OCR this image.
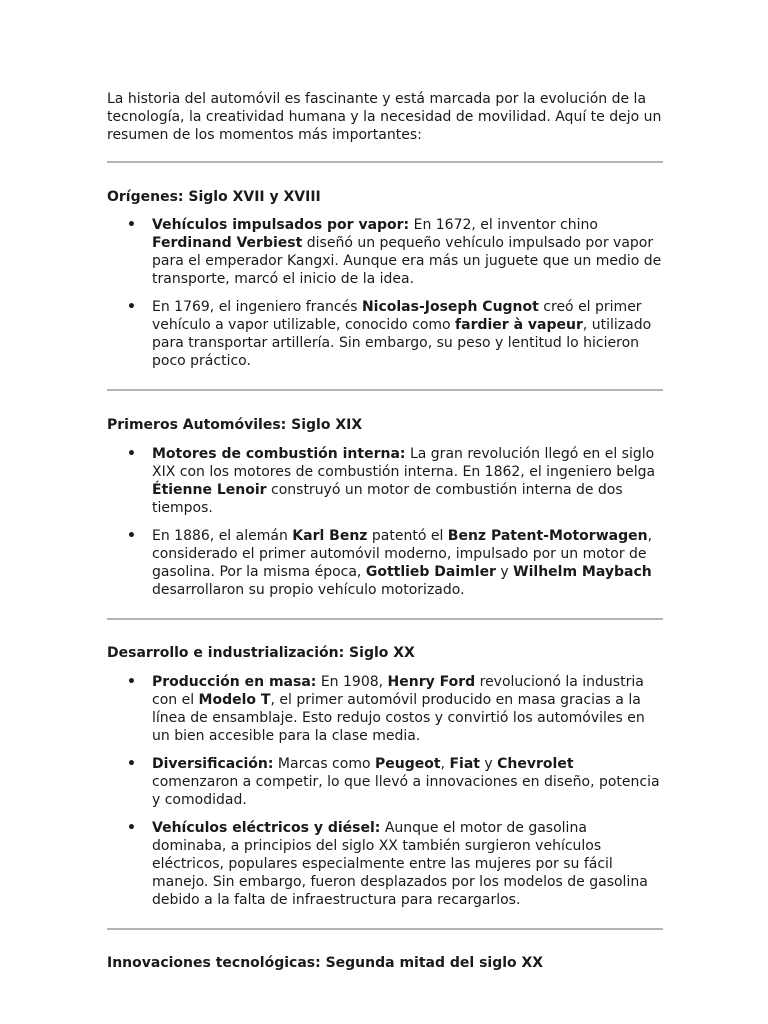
La historia del automóvil es fascinante y está marcada por la evolución de la tecnología, la creatividad humana y la necesidad de movilidad. Aquí te dejo un resumen de los momentos más importantes:

Orígenes: Siglo XVII y XVIII
• Vehículos impulsados por vapor: En 1672, el inventor chino Ferdinand Verbiest diseñó un pequeño vehículo impulsado por vapor para el emperador Kangxi. Aunque era más un juguete que un medio de transporte, marcó el inicio de la idea.
• En 1769, el ingeniero francés Nicolas-Joseph Cugnot creó el primer vehículo a vapor utilizable, conocido como fardier à vapeur, utilizado para transportar artillería. Sin embargo, su peso y lentitud lo hicieron poco práctico.
Primeros Automóviles: Siglo XIX
• Motores de combustión interna: La gran revolución llegó en el siglo XIX con los motores de combustión interna. En 1862, el ingeniero belga Étienne Lenoir construyó un motor de combustión interna de dos tiempos.
• En 1886, el alemán Karl Benz patentó el Benz Patent-Motorwagen, considerado el primer automóvil moderno, impulsado por un motor de gasolina. Por la misma época, Gottlieb Daimler y Wilhelm Maybach desarrollaron su propio vehículo motorizado.
Desarrollo e industrialización: Siglo XX
• Producción en masa: En 1908, Henry Ford revolucionó la industria con el Modelo T, el primer automóvil producido en masa gracias a la línea de ensamblaje. Esto redujo costos y convirtió los automóviles en un bien accesible para la clase media.
• Diversificación: Marcas como Peugeot, Fiat y Chevrolet comenzaron a competir, lo que llevó a innovaciones en diseño, potencia y comodidad.
• Vehículos eléctricos y diésel: Aunque el motor de gasolina dominaba, a principios del siglo XX también surgieron vehículos eléctricos, populares especialmente entre las mujeres por su fácil manejo. Sin embargo, fueron desplazados por los modelos de gasolina debido a la falta de infraestructura para recargarlos.
Innovaciones tecnológicas: Segunda mitad del siglo XX
